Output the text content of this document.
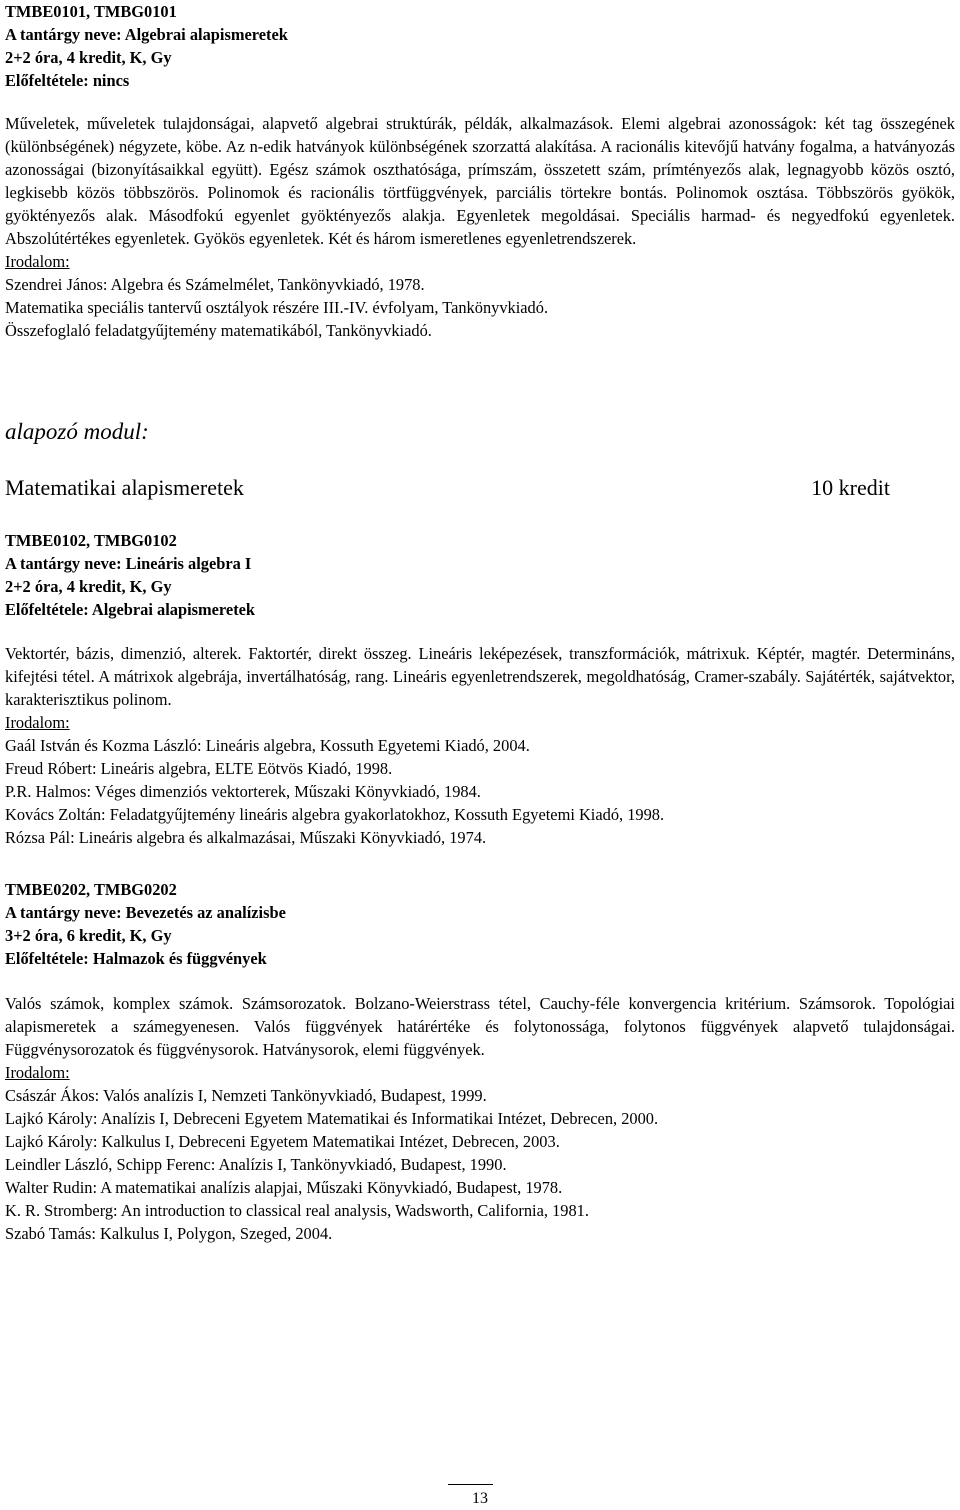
TMBE0101, TMBG0101

A tantárgy neve: Algebrai alapismeretek

2+2 óra, 4 kredit, K, Gy

Előfeltétele: nincs

Műveletek, műveletek tulajdonságai, alapvető algebrai struktúrák, példák, alkalmazások. Elemi algebrai azonosságok: két tag összegének (különbségének) négyzete, köbe. Az n-edik hatványok különbségének szorzattá alakítása. A racionális kitevőjű hatvány fogalma, a hatványozás azonosságai (bizonyításaikkal együtt). Egész számok oszthatósága, prímszám, összetett szám, prímtényezős alak, legnagyobb közös osztó, legkisebb közös többszörös. Polinomok és racionális törtfüggvények, parciális törtekre bontás. Polinomok osztása. Többszörös gyökök, gyöktényezős alak. Másodfokú egyenlet gyöktényezős alakja. Egyenletek megoldásai. Speciális harmad- és negyedfokú egyenletek. Abszolútértékes egyenletek. Gyökös egyenletek. Két és három ismeretlenes egyenletrendszerek.

Irodalom:

Szendrei János: Algebra és Számelmélet, Tankönyvkiadó, 1978.

Matematika speciális tantervű osztályok részére III.-IV. évfolyam, Tankönyvkiadó.

Összefoglaló feladatgyűjtemény matematikából, Tankönyvkiadó.

alapozó modul:

Matematikai alapismeretek	10 kredit

TMBE0102, TMBG0102

A tantárgy neve: Lineáris algebra I

2+2 óra, 4 kredit, K, Gy

Előfeltétele: Algebrai alapismeretek

Vektortér, bázis, dimenzió, alterek. Faktortér, direkt összeg. Lineáris leképezések, transzformációk, mátrixuk. Képtér, magtér. Determináns, kifejtési tétel. A mátrixok algebrája, invertálhatóság, rang. Lineáris egyenletrendszerek, megoldhatóság, Cramer-szabály. Sajátérték, sajátvektor, karakterisztikus polinom.

Irodalom:

Gaál István és Kozma László: Lineáris algebra, Kossuth Egyetemi Kiadó, 2004.

Freud Róbert: Lineáris algebra, ELTE Eötvös Kiadó, 1998.

P.R. Halmos: Véges dimenziós vektorterek, Műszaki Könyvkiadó, 1984.

Kovács Zoltán: Feladatgyűjtemény lineáris algebra gyakorlatokhoz, Kossuth Egyetemi Kiadó, 1998.

Rózsa Pál: Lineáris algebra és alkalmazásai, Műszaki Könyvkiadó, 1974.

TMBE0202, TMBG0202

A tantárgy neve: Bevezetés az analízisbe

3+2 óra, 6 kredit, K, Gy

Előfeltétele: Halmazok és függvények

Valós számok, komplex számok. Számsorozatok. Bolzano-Weierstrass tétel, Cauchy-féle konvergencia kritérium. Számsorok. Topológiai alapismeretek a számegyenesen. Valós függvények határértéke és folytonossága, folytonos függvények alapvető tulajdonságai. Függvénysorozatok és függvénysorok. Hatványsorok, elemi függvények.

Irodalom:

Császár Ákos: Valós analízis I, Nemzeti Tankönyvkiadó, Budapest, 1999.

Lajkó Károly: Analízis I, Debreceni Egyetem Matematikai és Informatikai Intézet, Debrecen, 2000.

Lajkó Károly: Kalkulus I, Debreceni Egyetem Matematikai Intézet, Debrecen, 2003.

Leindler László, Schipp Ferenc: Analízis I, Tankönyvkiadó, Budapest, 1990.

Walter Rudin: A matematikai analízis alapjai, Műszaki Könyvkiadó, Budapest, 1978.

K. R. Stromberg: An introduction to classical real analysis, Wadsworth, California, 1981.

Szabó Tamás: Kalkulus I, Polygon, Szeged, 2004.

13
